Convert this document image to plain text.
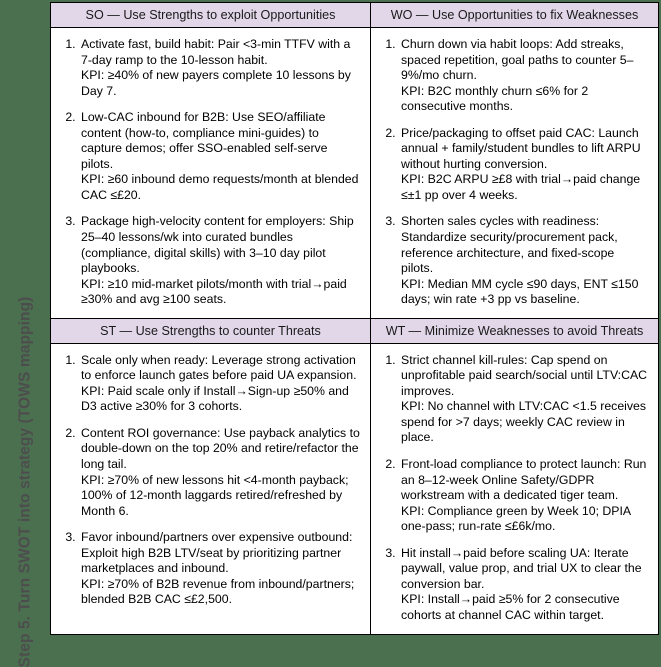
Step 5. Turn SWOT into strategy (TOWS mapping)
SO — Use Strengths to exploit Opportunities	WO — Use Opportunities to fix Weaknesses

1. Activate fast, build habit: Pair <3-min TTFV with a 7-day ramp to the 10-lesson habit.
KPI: ≥40% of new payers complete 10 lessons by Day 7.
2. Low-CAC inbound for B2B: Use SEO/affiliate content (how-to, compliance mini-guides) to capture demos; offer SSO-enabled self-serve pilots.
KPI: ≥60 inbound demo requests/month at blended CAC ≤£20.
3. Package high-velocity content for employers: Ship 25–40 lessons/wk into curated bundles (compliance, digital skills) with 3–10 day pilot playbooks.
KPI: ≥10 mid-market pilots/month with trial→paid ≥30% and avg ≥100 seats.

1. Churn down via habit loops: Add streaks, spaced repetition, goal paths to counter 5–9%/mo churn.
KPI: B2C monthly churn ≤6% for 2 consecutive months.
2. Price/packaging to offset paid CAC: Launch annual + family/student bundles to lift ARPU without hurting conversion.
KPI: B2C ARPU ≥£8 with trial→paid change ≤±1 pp over 4 weeks.
3. Shorten sales cycles with readiness: Standardize security/procurement pack, reference architecture, and fixed-scope pilots.
KPI: Median MM cycle ≤90 days, ENT ≤150 days; win rate +3 pp vs baseline.

ST — Use Strengths to counter Threats	WT — Minimize Weaknesses to avoid Threats

1. Scale only when ready: Leverage strong activation to enforce launch gates before paid UA expansion.
KPI: Paid scale only if Install→Sign-up ≥50% and D3 active ≥30% for 3 cohorts.
2. Content ROI governance: Use payback analytics to double-down on the top 20% and retire/refactor the long tail.
KPI: ≥70% of new lessons hit <4-month payback; 100% of 12-month laggards retired/refreshed by Month 6.
3. Favor inbound/partners over expensive outbound: Exploit high B2B LTV/seat by prioritizing partner marketplaces and inbound.
KPI: ≥70% of B2B revenue from inbound/partners; blended B2B CAC ≤£2,500.

1. Strict channel kill-rules: Cap spend on unprofitable paid search/social until LTV:CAC improves.
KPI: No channel with LTV:CAC <1.5 receives spend for >7 days; weekly CAC review in place.
2. Front-load compliance to protect launch: Run an 8–12-week Online Safety/GDPR workstream with a dedicated tiger team.
KPI: Compliance green by Week 10; DPIA one-pass; run-rate ≤£6k/mo.
3. Hit install→paid before scaling UA: Iterate paywall, value prop, and trial UX to clear the conversion bar.
KPI: Install→paid ≥5% for 2 consecutive cohorts at channel CAC within target.
